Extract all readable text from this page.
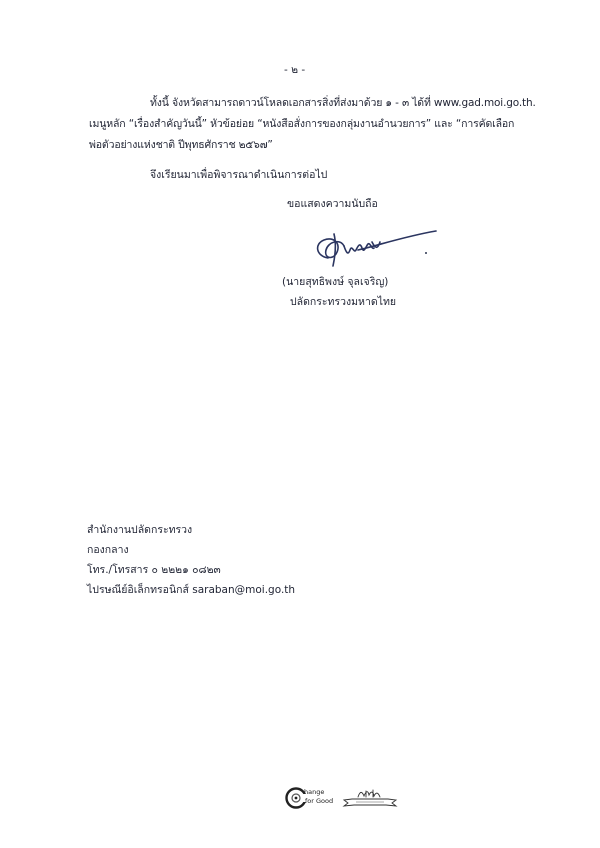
- ๒ -
ทั้งนี้ จังหวัดสามารถดาวน์โหลดเอกสารสิ่งที่ส่งมาด้วย ๑ - ๓ ได้ที่ www.gad.moi.go.th.
เมนูหลัก “เรื่องสำคัญวันนี้” หัวข้อย่อย “หนังสือสั่งการของกลุ่มงานอำนวยการ” และ “การคัดเลือก
พ่อตัวอย่างแห่งชาติ ปีพุทธศักราช ๒๕๖๗”
จึงเรียนมาเพื่อพิจารณาดำเนินการต่อไป
ขอแสดงความนับถือ
(นายสุทธิพงษ์ จุลเจริญ)
ปลัดกระทรวงมหาดไทย
สำนักงานปลัดกระทรวง
กองกลาง
โทร./โทรสาร ๐ ๒๒๒๑ ๐๘๒๓
ไปรษณีย์อิเล็กทรอนิกส์ saraban@moi.go.th
hange
for Good
